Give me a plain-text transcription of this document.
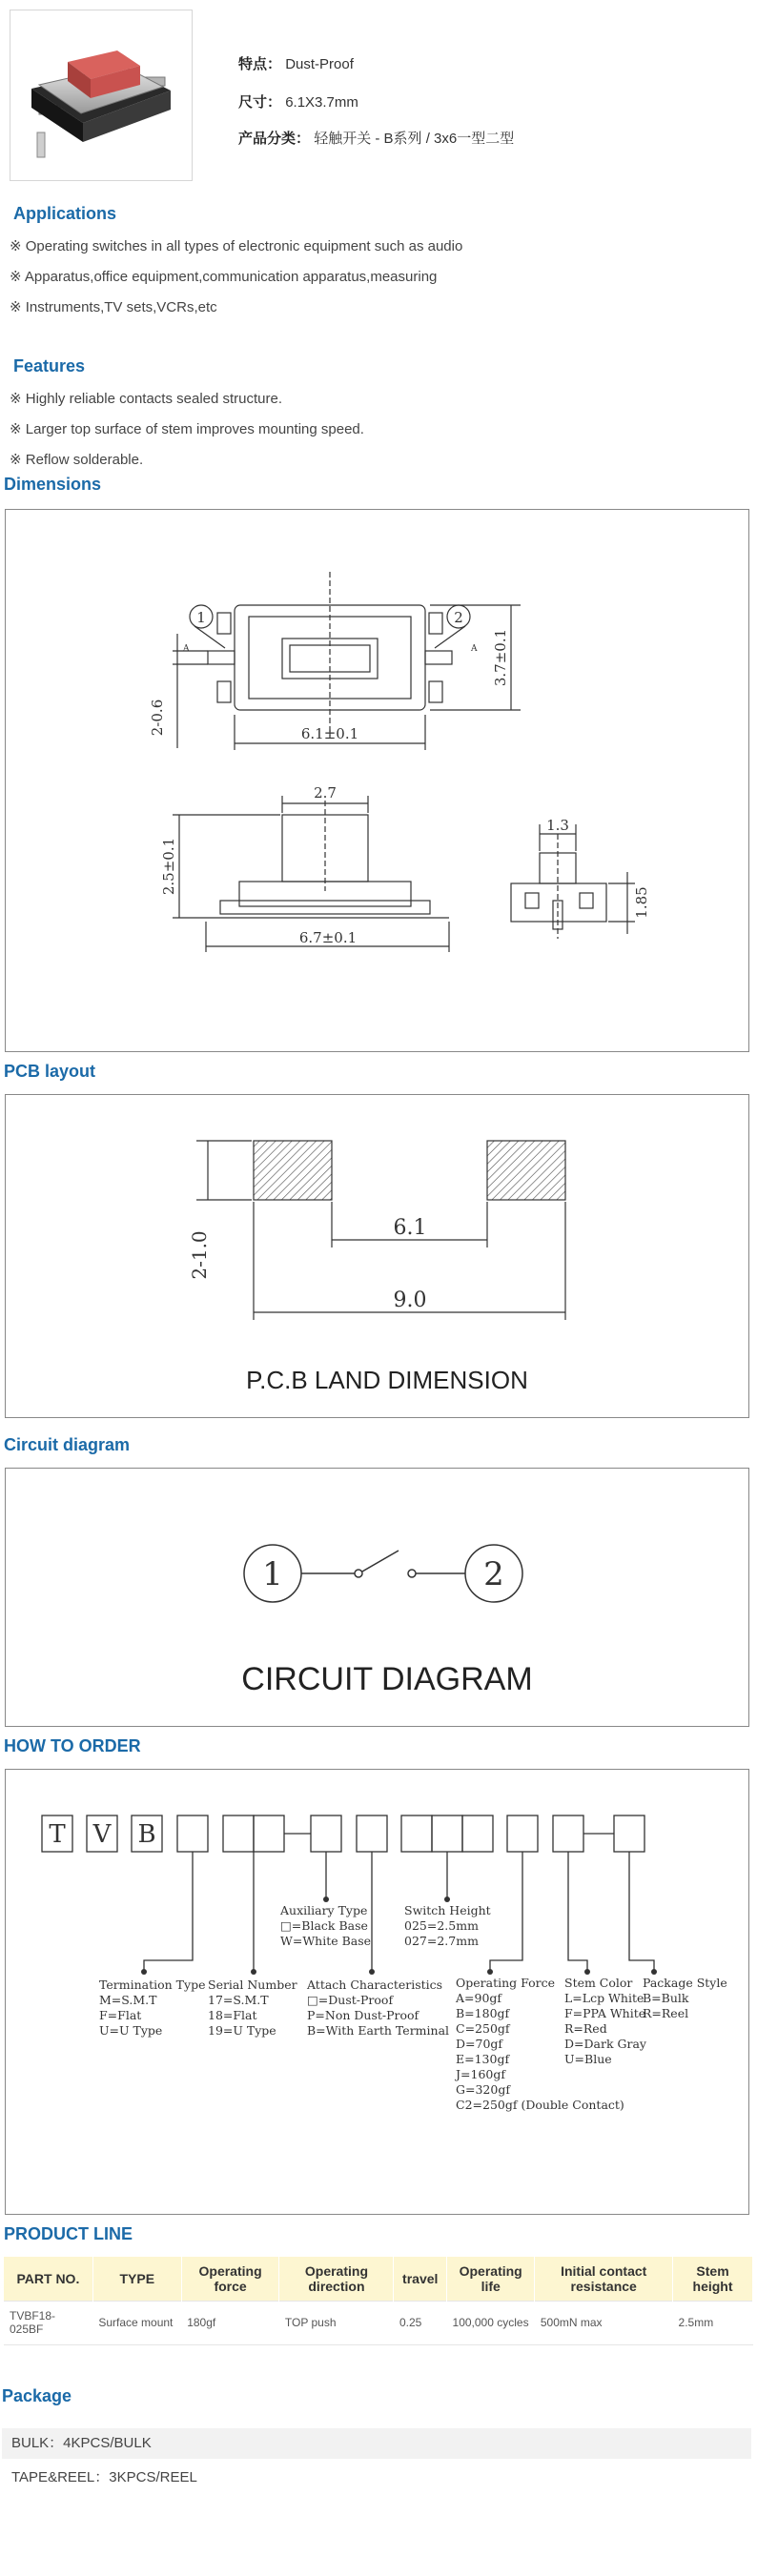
特点： Dust-Proof
尺寸： 6.1X3.7mm
产品分类： 轻触开关 - B系列 / 3x6一型二型
Applications
※ Operating switches in all types of electronic equipment such as audio
※ Apparatus,office equipment,communication apparatus,measuring
※ Instruments,TV sets,VCRs,etc
Features
※ Highly reliable contacts sealed structure.
※ Larger top surface of stem improves mounting speed.
※ Reflow solderable.
Dimensions
1	2
A	A
6.1±0.1
3.7±0.1
2-0.6
2.7
2.5±0.1
6.7±0.1
1.3
1.85
PCB layout
2-1.0
6.1
9.0
P.C.B LAND DIMENSION
Circuit diagram
1	2
CIRCUIT DIAGRAM
HOW TO ORDER
T V B
Auxiliary Type
□=Black Base
W=White Base
Switch Height
025=2.5mm
027=2.7mm
Termination Type
M=S.M.T
F=Flat
U=U Type
Serial Number
17=S.M.T
18=Flat
19=U Type
Attach Characteristics
□=Dust-Proof
P=Non Dust-Proof
B=With Earth Terminal
Operating Force
A=90gf
B=180gf
C=250gf
D=70gf
E=130gf
J=160gf
G=320gf
C2=250gf (Double Contact)
Stem Color
L=Lcp White
F=PPA White
R=Red
D=Dark Gray
U=Blue
Package Style
B=Bulk
R=Reel
PRODUCT LINE
PART NO.	TYPE	Operating force	Operating direction	travel	Operating life	Initial contact resistance	Stem height
TVBF18-025BF	Surface mount	180gf	TOP push	0.25	100,000 cycles	500mN max	2.5mm
Package
BULK：4KPCS/BULK
TAPE&REEL：3KPCS/REEL
